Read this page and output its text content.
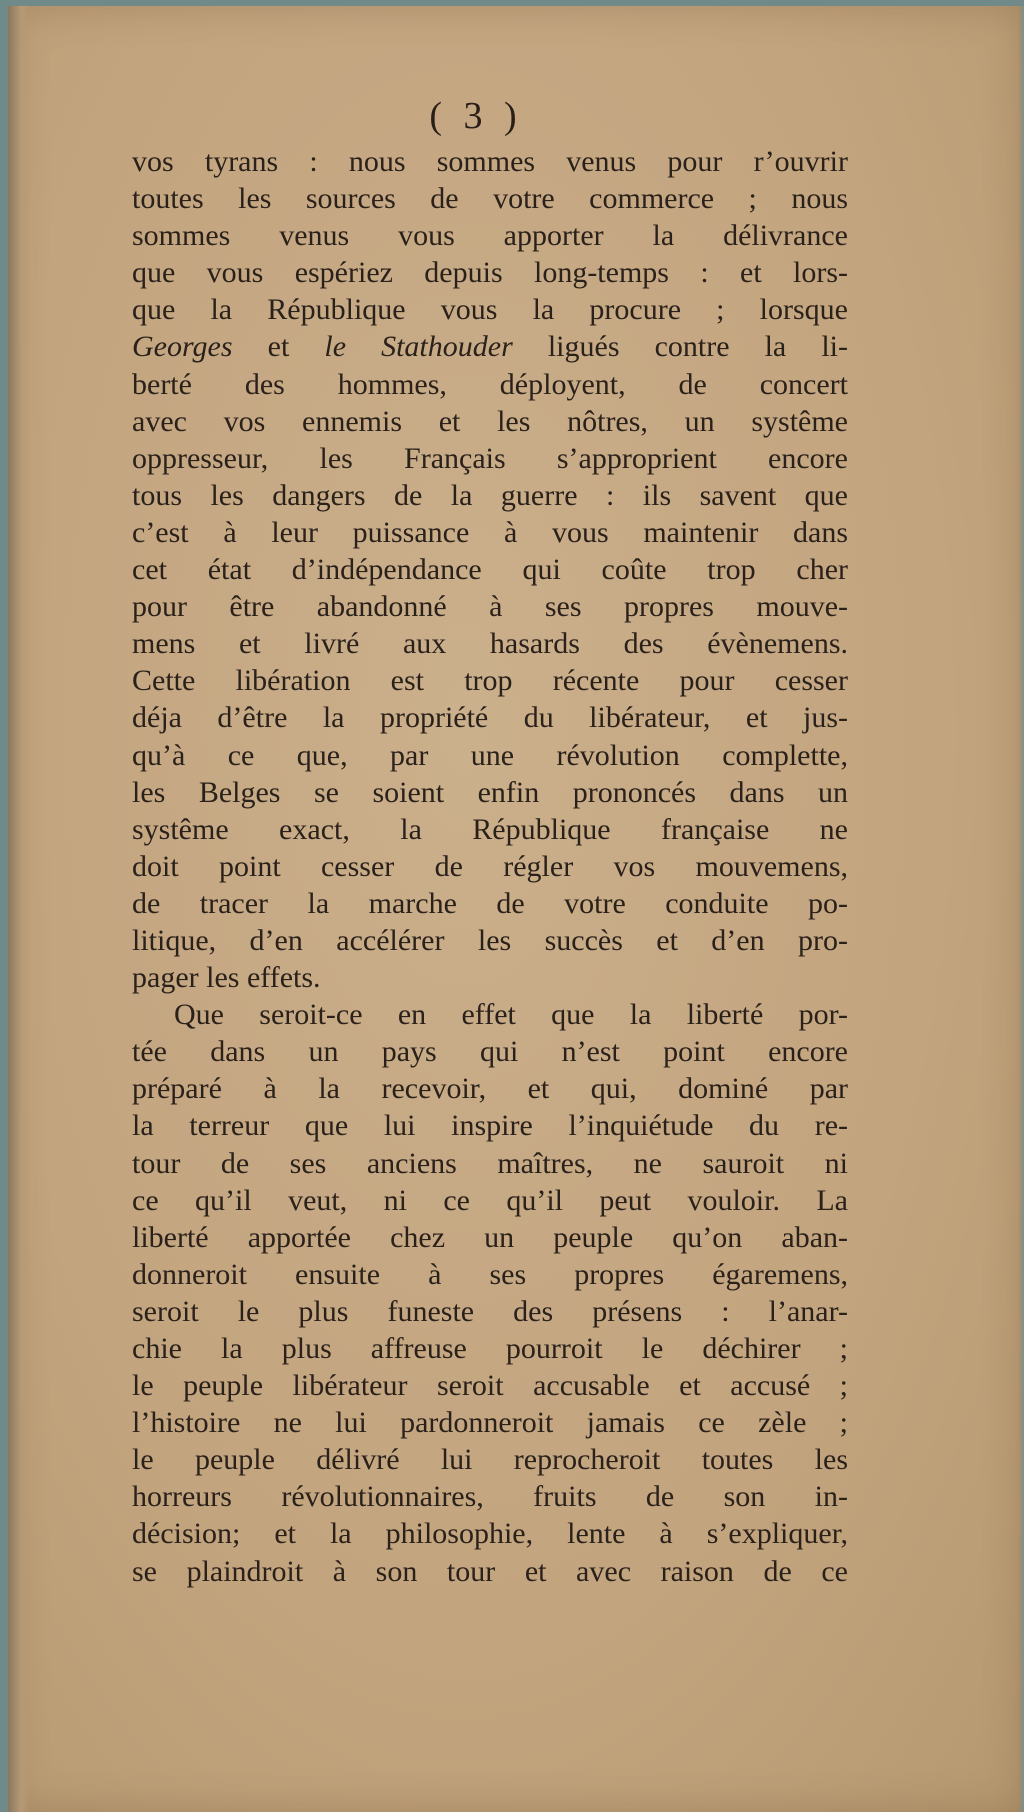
( 3 )
vos tyrans : nous sommes venus pour r’ouvrir
toutes les sources de votre commerce ; nous
sommes venus vous apporter la délivrance
que vous espériez depuis long-temps : et lors-
que la République vous la procure ; lorsque
Georges et le Stathouder ligués contre la li-
berté des hommes, déployent, de concert
avec vos ennemis et les nôtres, un systême
oppresseur, les Français s’approprient encore
tous les dangers de la guerre : ils savent que
c’est à leur puissance à vous maintenir dans
cet état d’indépendance qui coûte trop cher
pour être abandonné à ses propres mouve-
mens et livré aux hasards des évènemens.
Cette libération est trop récente pour cesser
déja d’être la propriété du libérateur, et jus-
qu’à ce que, par une révolution complette,
les Belges se soient enfin prononcés dans un
systême exact, la République française ne
doit point cesser de régler vos mouvemens,
de tracer la marche de votre conduite po-
litique, d’en accélérer les succès et d’en pro-
pager les effets.
Que seroit-ce en effet que la liberté por-
tée dans un pays qui n’est point encore
préparé à la recevoir, et qui, dominé par
la terreur que lui inspire l’inquiétude du re-
tour de ses anciens maîtres, ne sauroit ni
ce qu’il veut, ni ce qu’il peut vouloir. La
liberté apportée chez un peuple qu’on aban-
donneroit ensuite à ses propres égaremens,
seroit le plus funeste des présens : l’anar-
chie la plus affreuse pourroit le déchirer ;
le peuple libérateur seroit accusable et accusé ;
l’histoire ne lui pardonneroit jamais ce zèle ;
le peuple délivré lui reprocheroit toutes les
horreurs révolutionnaires, fruits de son in-
décision; et la philosophie, lente à s’expliquer,
se plaindroit à son tour et avec raison de ce
